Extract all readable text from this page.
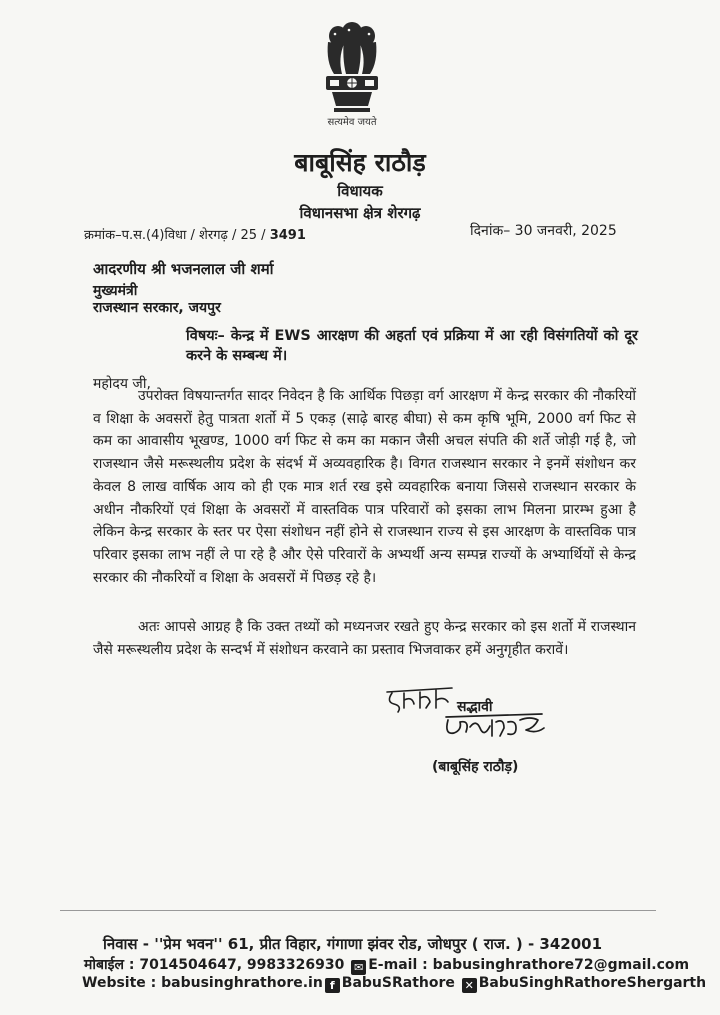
सत्यमेव जयते
बाबूसिंह राठौड़
विधायक
विधानसभा क्षेत्र शेरगढ़
क्रमांक–प.स.(4)विधा / शेरगढ़ / 25 / 3491	दिनांक– 30 जनवरी, 2025
आदरणीय श्री भजनलाल जी शर्मा
मुख्यमंत्री
राजस्थान सरकार, जयपुर
विषयः– केन्द्र में EWS आरक्षण की अहर्ता एवं प्रक्रिया में आ रही विसंगतियों को दूर करने के सम्बन्ध में।
महोदय जी,
उपरोक्त विषयान्तर्गत सादर निवेदन है कि आर्थिक पिछड़ा वर्ग आरक्षण में केन्द्र सरकार की नौकरियों व शिक्षा के अवसरों हेतु पात्रता शर्तो में 5 एकड़ (साढ़े बारह बीघा) से कम कृषि भूमि, 2000 वर्ग फिट से कम का आवासीय भूखण्ड, 1000 वर्ग फिट से कम का मकान जैसी अचल संपति की शर्ते जोड़ी गई है, जो राजस्थान जैसे मरूस्थलीय प्रदेश के संदर्भ में अव्यवहारिक है। विगत राजस्थान सरकार ने इनमें संशोधन कर केवल 8 लाख वार्षिक आय को ही एक मात्र शर्त रख इसे व्यवहारिक बनाया जिससे राजस्थान सरकार के अधीन नौकरियों एवं शिक्षा के अवसरों में वास्तविक पात्र परिवारों को इसका लाभ मिलना प्रारम्भ हुआ है लेकिन केन्द्र सरकार के स्तर पर ऐसा संशोधन नहीं होने से राजस्थान राज्य से इस आरक्षण के वास्तविक पात्र परिवार इसका लाभ नहीं ले पा रहे है और ऐसे परिवारों के अभ्यर्थी अन्य सम्पन्न राज्यों के अभ्यार्थियों से केन्द्र सरकार की नौकरियों व शिक्षा के अवसरों में पिछड़ रहे है।
अतः आपसे आग्रह है कि उक्त तथ्यों को मध्यनजर रखते हुए केन्द्र सरकार को इस शर्तो में राजस्थान जैसे मरूस्थलीय प्रदेश के सन्दर्भ में संशोधन करवाने का प्रस्ताव भिजवाकर हमें अनुगृहीत करावें।
सद्भावी
(बाबूसिंह राठौड़)
निवास - ''प्रेम भवन'' 61, प्रीत विहार, गंगाणा झंवर रोड, जोधपुर ( राज. ) - 342001
मोबाईल : 7014504647, 9983326930 ✉ E-mail : babusinghrathore72@gmail.com
Website : babusinghrathore.in f BabuSRathore ✕ BabuSinghRathoreShergarth
